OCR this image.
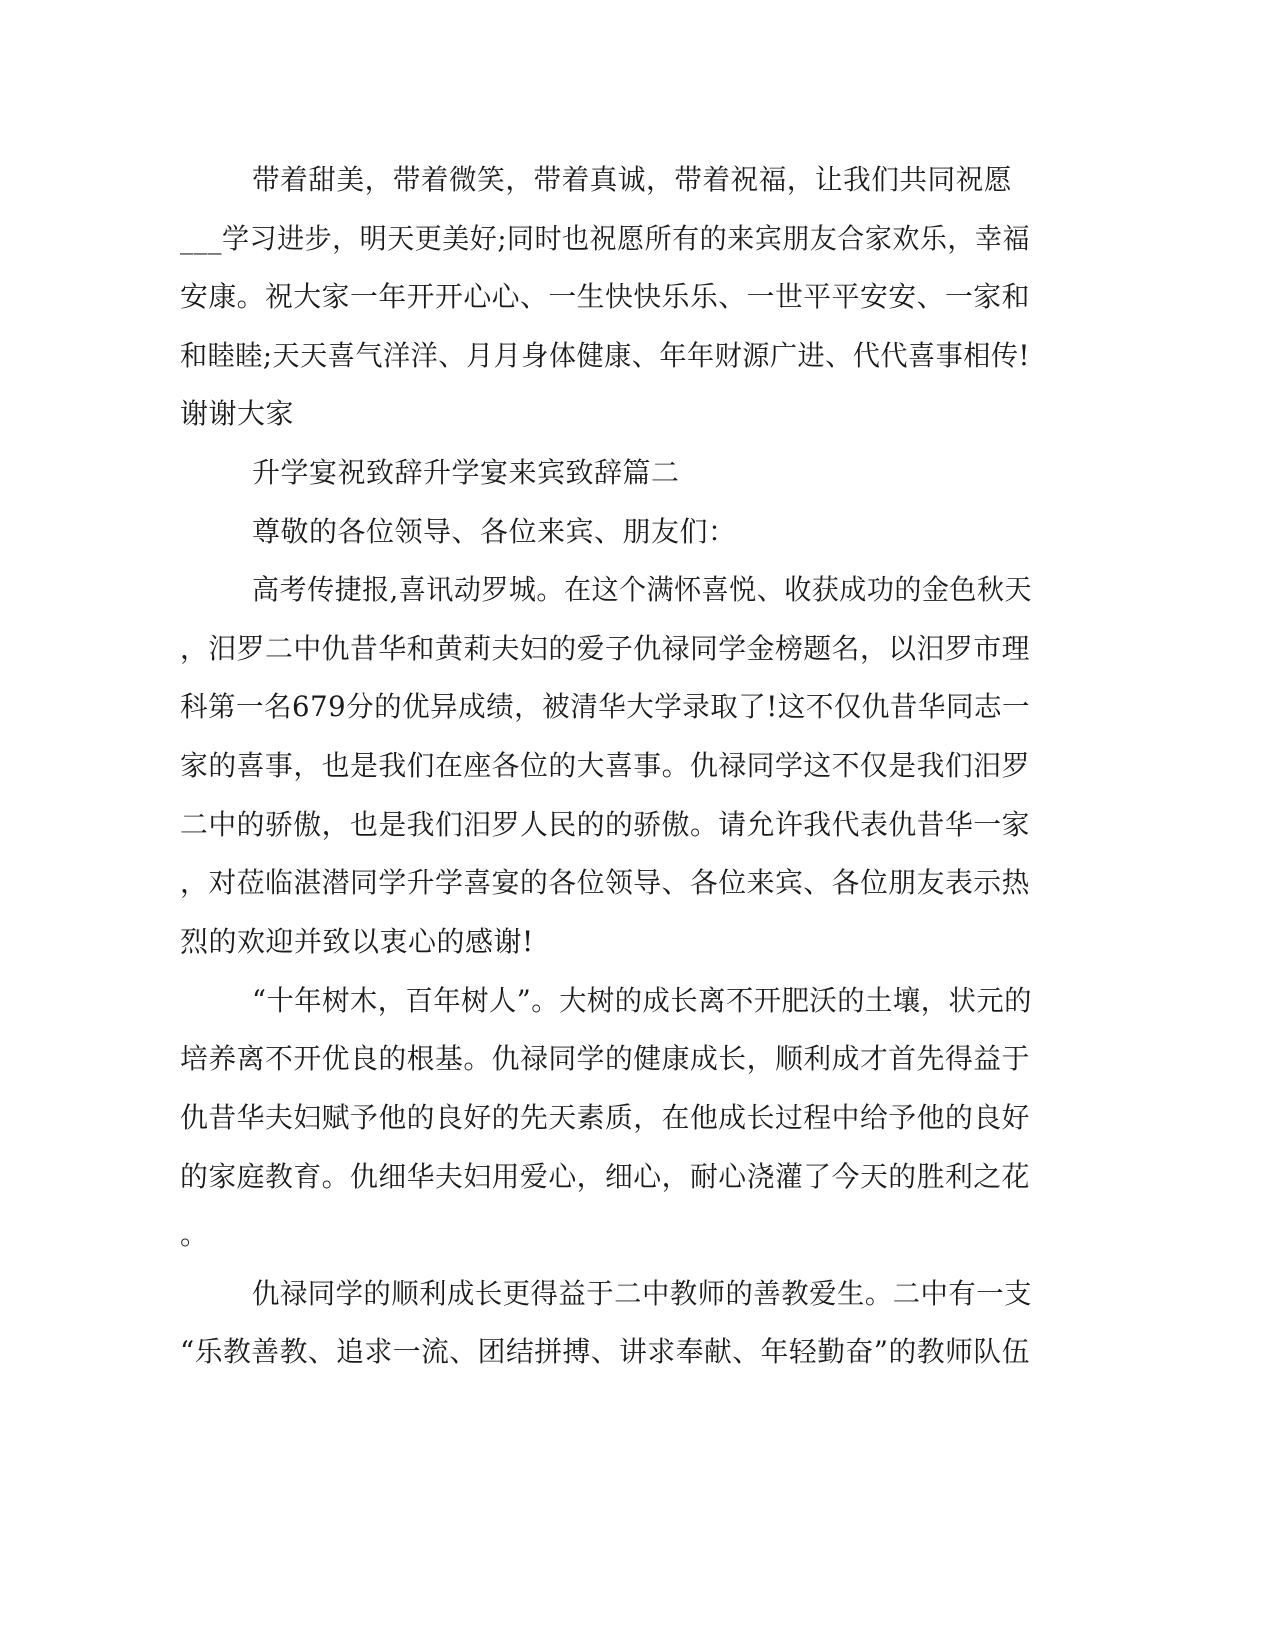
带着甜美，带着微笑，带着真诚，带着祝福，让我们共同祝愿
___学习进步，明天更美好;同时也祝愿所有的来宾朋友合家欢乐，幸福
安康。祝大家一年开开心心、一生快快乐乐、一世平平安安、一家和
和睦睦;天天喜气洋洋、月月身体健康、年年财源广进、代代喜事相传!
谢谢大家
升学宴祝致辞升学宴来宾致辞篇二
尊敬的各位领导、各位来宾、朋友们：
高考传捷报,喜讯动罗城。在这个满怀喜悦、收获成功的金色秋天
，汨罗二中仇昔华和黄莉夫妇的爱子仇禄同学金榜题名，以汨罗市理
科第一名679分的优异成绩，被清华大学录取了!这不仅仇昔华同志一
家的喜事，也是我们在座各位的大喜事。仇禄同学这不仅是我们汨罗
二中的骄傲，也是我们汨罗人民的的骄傲。请允许我代表仇昔华一家
，对莅临湛潜同学升学喜宴的各位领导、各位来宾、各位朋友表示热
烈的欢迎并致以衷心的感谢!
“十年树木，百年树人”。大树的成长离不开肥沃的土壤，状元的
培养离不开优良的根基。仇禄同学的健康成长，顺利成才首先得益于
仇昔华夫妇赋予他的良好的先天素质，在他成长过程中给予他的良好
的家庭教育。仇细华夫妇用爱心，细心，耐心浇灌了今天的胜利之花
。
仇禄同学的顺利成长更得益于二中教师的善教爱生。二中有一支
“乐教善教、追求一流、团结拼搏、讲求奉献、年轻勤奋”的教师队伍
